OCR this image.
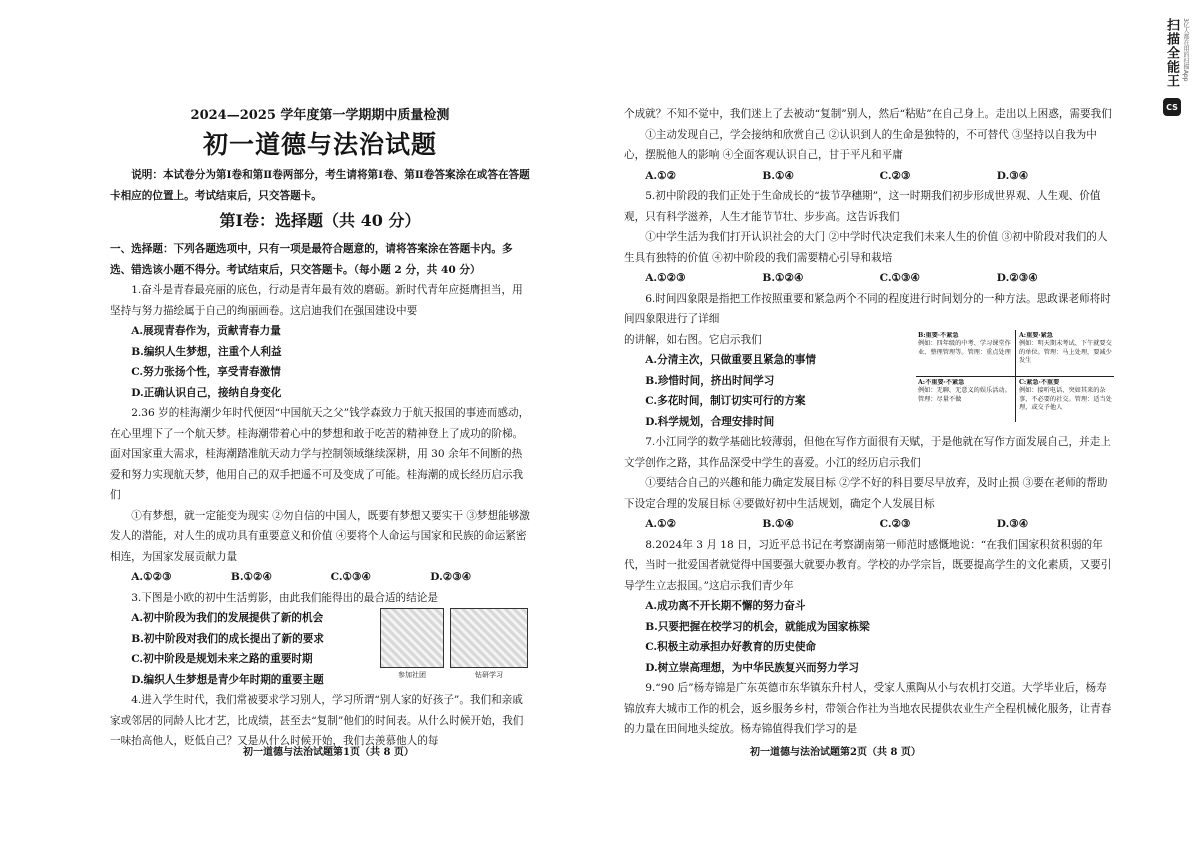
2024—2025 学年度第一学期期中质量检测

初一道德与法治试题

说明：本试卷分为第Ⅰ卷和第Ⅱ卷两部分，考生请将第Ⅰ卷、第Ⅱ卷答案涂在或答在答题卡相应的位置上。考试结束后，只交答题卡。

第Ⅰ卷：选择题（共 40 分）

一、选择题：下列各题选项中，只有一项是最符合题意的，请将答案涂在答题卡内。多选、错选该小题不得分。考试结束后，只交答题卡。（每小题 2 分，共 40 分）

1.奋斗是青春最亮丽的底色，行动是青年最有效的磨砺。新时代青年应挺膺担当，用坚持与努力描绘属于自己的绚丽画卷。这启迪我们在强国建设中要

A.展现青春作为，贡献青春力量
B.编织人生梦想，注重个人利益
C.努力张扬个性，享受青春激情
D.正确认识自己，接纳自身变化

2.36 岁的桂海潮少年时代便因“中国航天之父”钱学森致力于航天报国的事迹而感动，在心里埋下了一个航天梦。桂海潮带着心中的梦想和敢于吃苦的精神登上了成功的阶梯。面对国家重大需求，桂海潮踏准航天动力学与控制领域继续深耕，用 30 余年不间断的热爱和努力实现航天梦，他用自己的双手把遥不可及变成了可能。桂海潮的成长经历启示我们

①有梦想，就一定能变为现实 ②勿自信的中国人，既要有梦想又要实干 ③梦想能够激发人的潜能，对人生的成功具有重要意义和价值 ④要将个人命运与国家和民族的命运紧密相连，为国家发展贡献力量

A.①②③	B.①②④	C.①③④	D.②③④

3.下图是小欧的初中生活剪影，由此我们能得出的最合适的结论是

A.初中阶段为我们的发展提供了新的机会
B.初中阶段对我们的成长提出了新的要求
C.初中阶段是规划未来之路的重要时期
D.编织人生梦想是青少年时期的重要主题	参加社团	钻研学习

4.进入学生时代，我们常被要求学习别人，学习所谓“别人家的好孩子”。我们和亲戚家或邻居的同龄人比才艺，比成绩，甚至去“复制”他们的时间表。从什么时候开始，我们一味抬高他人，贬低自己？又是从什么时候开始，我们去羡慕他人的每

初一道德与法治试题第1页（共 8 页）

个成就？不知不觉中，我们迷上了去被动“复制”别人，然后“粘贴”在自己身上。走出以上困惑，需要我们

①主动发现自己，学会接纳和欣赏自己 ②认识到人的生命是独特的，不可替代 ③坚持以自我为中心，摆脱他人的影响 ④全面客观认识自己，甘于平凡和平庸

A.①②	B.①④	C.②③	D.③④

5.初中阶段的我们正处于生命成长的“拔节孕穗期”，这一时期我们初步形成世界观、人生观、价值观，只有科学滋养，人生才能节节壮、步步高。这告诉我们

①中学生活为我们打开认识社会的大门 ②中学时代决定我们未来人生的价值 ③初中阶段对我们的人生具有独特的价值 ④初中阶段的我们需要精心引导和栽培

A.①②③	B.①②④	C.①③④	D.②③④

6.时间四象限是指把工作按照重要和紧急两个不同的程度进行时间划分的一种方法。思政课老师将时间四象限进行了详细

的讲解，如右图。它启示我们

A.分清主次，只做重要且紧急的事情
B.珍惜时间，挤出时间学习
C.多花时间，制订切实可行的方案
D.科学规划，合理安排时间
B:重要·不紧急
例如：四年级的中考、学习课堂作业、整理管理等。管理：重点处理
A:重要·紧急
例如：明天期末考试、下午就要交的单位。管理：马上处理，要减少发生
A:不重要·不紧急
例如：无聊、无意义的娱乐活动。管理：尽量不做
C:紧急·不重要
例如：接听电话、突如其来的杂事、不必要的社交。管理：适当处理，或交予他人

7.小江同学的数学基础比较薄弱，但他在写作方面很有天赋，于是他就在写作方面发展自己，并走上文学创作之路，其作品深受中学生的喜爱。小江的经历启示我们

①要结合自己的兴趣和能力确定发展目标 ②学不好的科目要尽早放弃，及时止损 ③要在老师的帮助下设定合理的发展目标 ④要做好初中生活规划，确定个人发展目标

A.①②	B.①④	C.②③	D.③④

8.2024年 3 月 18 日，习近平总书记在考察湖南第一师范时感慨地说：“在我们国家积贫积弱的年代，当时一批爱国者就觉得中国要强大就要办教育。学校的办学宗旨，既要提高学生的文化素质，又要引导学生立志报国。”这启示我们青少年

A.成功离不开长期不懈的努力奋斗
B.只要把握在校学习的机会，就能成为国家栋梁
C.积极主动承担办好教育的历史使命
D.树立崇高理想，为中华民族复兴而努力学习

9.“90 后”杨寿锦是广东英德市东华镇东升村人，受家人熏陶从小与农机打交道。大学毕业后，杨寿锦放弃大城市工作的机会，返乡服务乡村，带领合作社为当地农民提供农业生产全程机械化服务，让青春的力量在田间地头绽放。杨寿锦值得我们学习的是

初一道德与法治试题第2页（共 8 页）
扫描全能王 3亿人都在用的扫描App
CS
